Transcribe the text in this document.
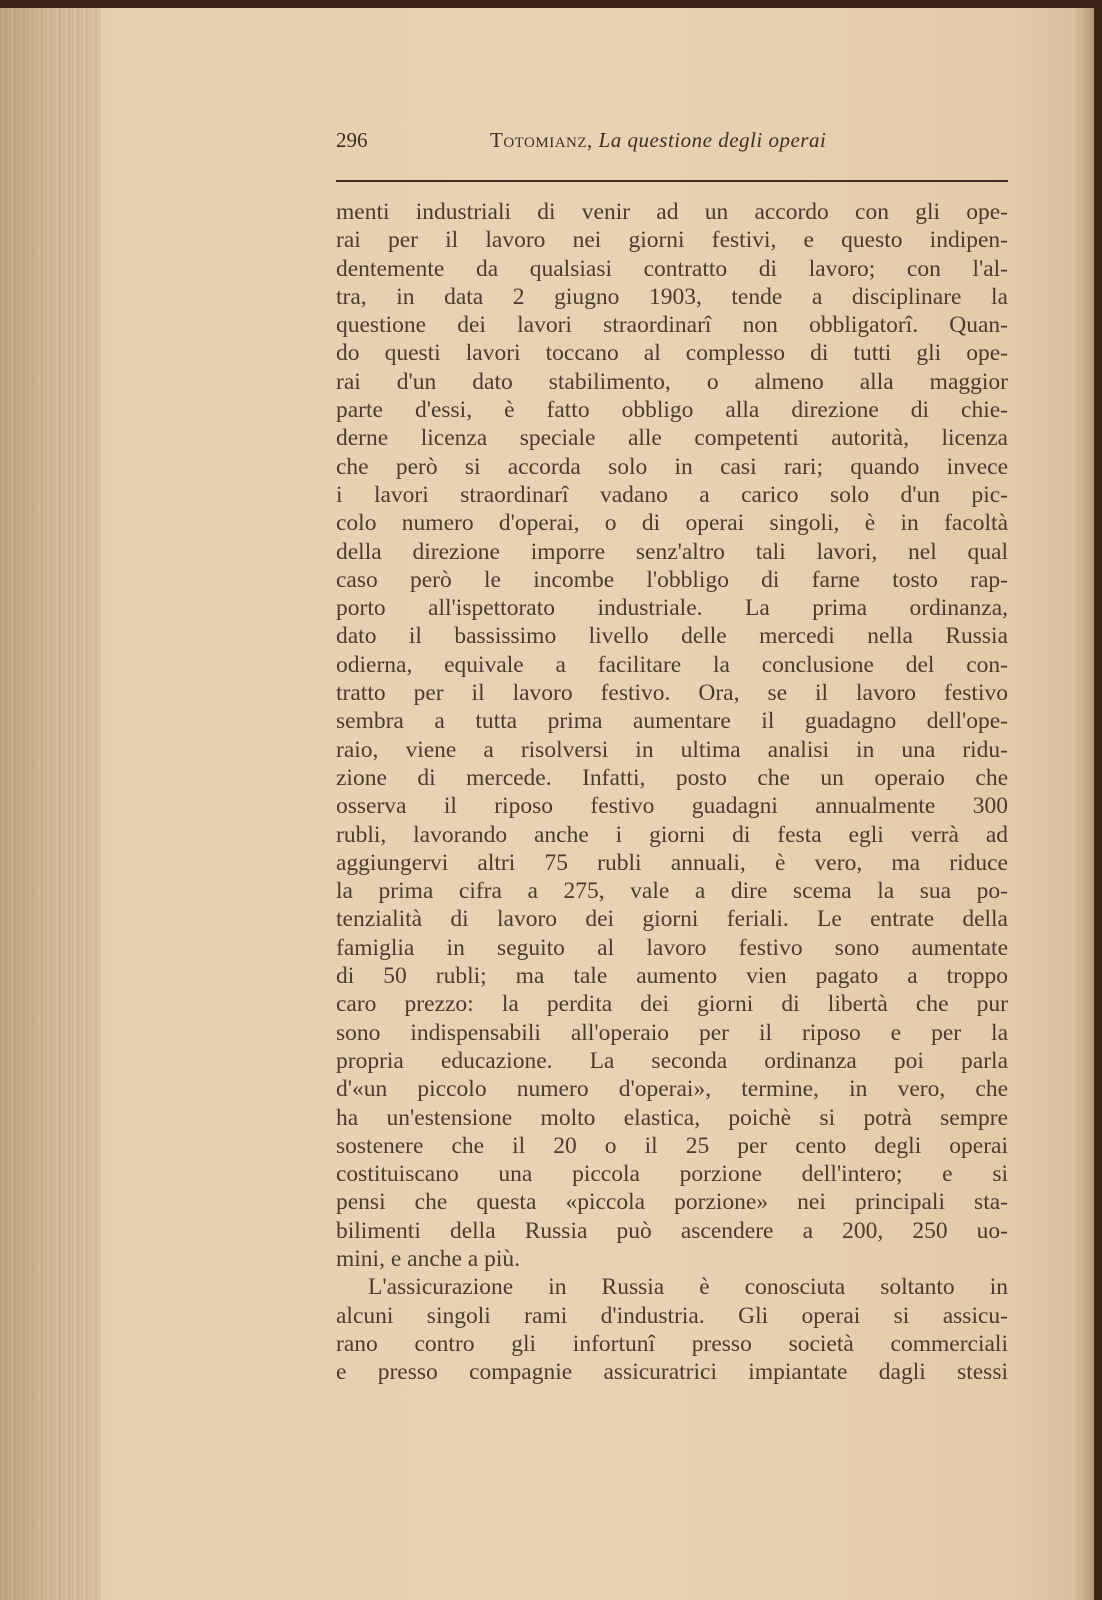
296	Totomianz, La questione degli operai
menti industriali di venir ad un accordo con gli ope-
rai per il lavoro nei giorni festivi, e questo indipen-
dentemente da qualsiasi contratto di lavoro; con l'al-
tra, in data 2 giugno 1903, tende a disciplinare la
questione dei lavori straordinarî non obbligatorî. Quan-
do questi lavori toccano al complesso di tutti gli ope-
rai d'un dato stabilimento, o almeno alla maggior
parte d'essi, è fatto obbligo alla direzione di chie-
derne licenza speciale alle competenti autorità, licenza
che però si accorda solo in casi rari; quando invece
i lavori straordinarî vadano a carico solo d'un pic-
colo numero d'operai, o di operai singoli, è in facoltà
della direzione imporre senz'altro tali lavori, nel qual
caso però le incombe l'obbligo di farne tosto rap-
porto all'ispettorato industriale. La prima ordinanza,
dato il bassissimo livello delle mercedi nella Russia
odierna, equivale a facilitare la conclusione del con-
tratto per il lavoro festivo. Ora, se il lavoro festivo
sembra a tutta prima aumentare il guadagno dell'ope-
raio, viene a risolversi in ultima analisi in una ridu-
zione di mercede. Infatti, posto che un operaio che
osserva il riposo festivo guadagni annualmente 300
rubli, lavorando anche i giorni di festa egli verrà ad
aggiungervi altri 75 rubli annuali, è vero, ma riduce
la prima cifra a 275, vale a dire scema la sua po-
tenzialità di lavoro dei giorni feriali. Le entrate della
famiglia in seguito al lavoro festivo sono aumentate
di 50 rubli; ma tale aumento vien pagato a troppo
caro prezzo: la perdita dei giorni di libertà che pur
sono indispensabili all'operaio per il riposo e per la
propria educazione. La seconda ordinanza poi parla
d'«un piccolo numero d'operai», termine, in vero, che
ha un'estensione molto elastica, poichè si potrà sempre
sostenere che il 20 o il 25 per cento degli operai
costituiscano una piccola porzione dell'intero; e si
pensi che questa «piccola porzione» nei principali sta-
bilimenti della Russia può ascendere a 200, 250 uo-
mini, e anche a più.
L'assicurazione in Russia è conosciuta soltanto in
alcuni singoli rami d'industria. Gli operai si assicu-
rano contro gli infortunî presso società commerciali
e presso compagnie assicuratrici impiantate dagli stessi
